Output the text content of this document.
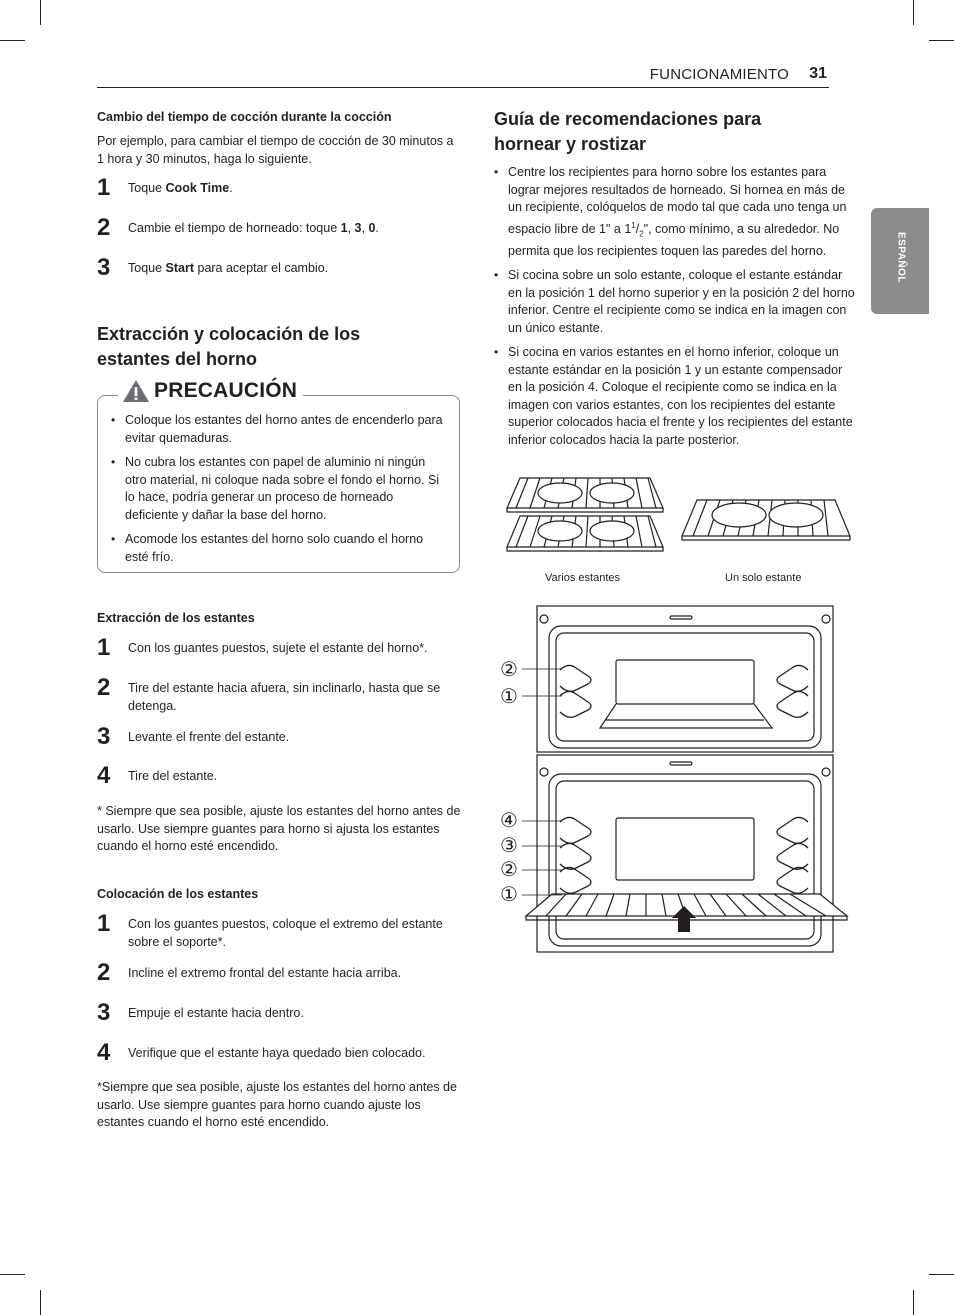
FUNCIONAMIENTO 31
ESPAÑOL
Cambio del tiempo de cocción durante la cocción
Por ejemplo, para cambiar el tiempo de cocción de 30 minutos a 1 hora y 30 minutos, haga lo siguiente.
1 Toque Cook Time.
2 Cambie el tiempo de horneado: toque 1, 3, 0.
3 Toque Start para aceptar el cambio.
Extracción y colocación de los estantes del horno
PRECAUCIÓN
• Coloque los estantes del horno antes de encenderlo para evitar quemaduras.
• No cubra los estantes con papel de aluminio ni ningún otro material, ni coloque nada sobre el fondo el horno. Si lo hace, podría generar un proceso de horneado deficiente y dañar la base del horno.
• Acomode los estantes del horno solo cuando el horno esté frío.
Extracción de los estantes
1 Con los guantes puestos, sujete el estante del horno*.
2 Tire del estante hacia afuera, sin inclinarlo, hasta que se detenga.
3 Levante el frente del estante.
4 Tire del estante.
* Siempre que sea posible, ajuste los estantes del horno antes de usarlo. Use siempre guantes para horno si ajusta los estantes cuando el horno esté encendido.
Colocación de los estantes
1 Con los guantes puestos, coloque el extremo del estante sobre el soporte*.
2 Incline el extremo frontal del estante hacia arriba.
3 Empuje el estante hacia dentro.
4 Verifique que el estante haya quedado bien colocado.
*Siempre que sea posible, ajuste los estantes del horno antes de usarlo. Use siempre guantes para horno cuando ajuste los estantes cuando el horno esté encendido.
Guía de recomendaciones para hornear y rostizar
• Centre los recipientes para horno sobre los estantes para lograr mejores resultados de horneado. Si hornea en más de un recipiente, colóquelos de modo tal que cada uno tenga un espacio libre de 1" a $1^1/_2$", como mínimo, a su alrededor. No permita que los recipientes toquen las paredes del horno.
• Si cocina sobre un solo estante, coloque el estante estándar en la posición 1 del horno superior y en la posición 2 del horno inferior. Centre el recipiente como se indica en la imagen con un único estante.
• Si cocina en varios estantes en el horno inferior, coloque un estante estándar en la posición 1 y un estante compensador en la posición 4. Coloque el recipiente como se indica en la imagen con varios estantes, con los recipientes del estante superior colocados hacia el frente y los recipientes del estante inferior colocados hacia la parte posterior.
Varios estantes	Un solo estante
②
①
④
③
②
①
